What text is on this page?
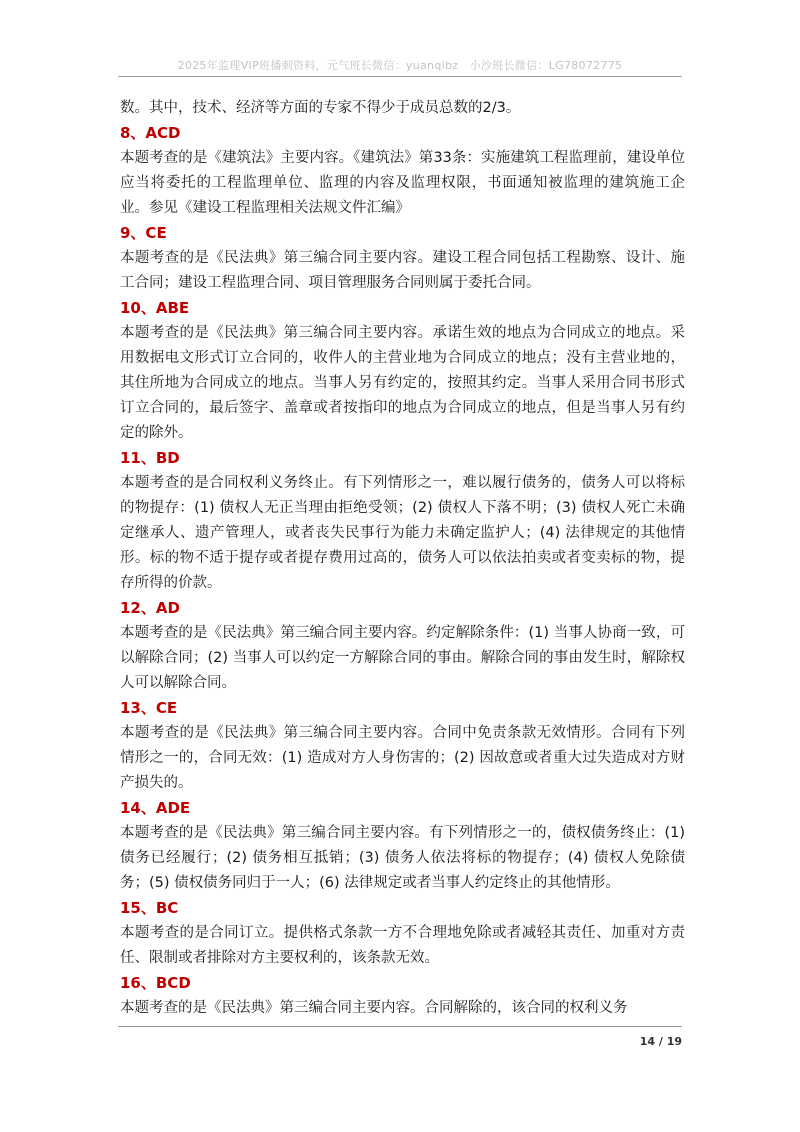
2025年监理VIP班播刺资料，元气班长微信：yuanqibz　小沙班长微信：LG78072775

数。其中，技术、经济等方面的专家不得少于成员总数的2/3。

8、ACD

本题考查的是《建筑法》主要内容。《建筑法》第33条：实施建筑工程监理前，建设单位应当将委托的工程监理单位、监理的内容及监理权限，书面通知被监理的建筑施工企业。参见《建设工程监理相关法规文件汇编》

9、CE

本题考查的是《民法典》第三编合同主要内容。建设工程合同包括工程勘察、设计、施工合同；建设工程监理合同、项目管理服务合同则属于委托合同。

10、ABE

本题考查的是《民法典》第三编合同主要内容。承诺生效的地点为合同成立的地点。采用数据电文形式订立合同的，收件人的主营业地为合同成立的地点；没有主营业地的，其住所地为合同成立的地点。当事人另有约定的，按照其约定。当事人采用合同书形式订立合同的，最后签字、盖章或者按指印的地点为合同成立的地点，但是当事人另有约定的除外。

11、BD

本题考查的是合同权利义务终止。有下列情形之一，难以履行债务的，债务人可以将标的物提存：(1) 债权人无正当理由拒绝受领；(2) 债权人下落不明；(3) 债权人死亡未确定继承人、遗产管理人，或者丧失民事行为能力未确定监护人；(4) 法律规定的其他情形。标的物不适于提存或者提存费用过高的，债务人可以依法拍卖或者变卖标的物，提存所得的价款。

12、AD

本题考查的是《民法典》第三编合同主要内容。约定解除条件：(1) 当事人协商一致，可以解除合同；(2) 当事人可以约定一方解除合同的事由。解除合同的事由发生时，解除权人可以解除合同。

13、CE

本题考查的是《民法典》第三编合同主要内容。合同中免责条款无效情形。合同有下列情形之一的，合同无效：(1) 造成对方人身伤害的；(2) 因故意或者重大过失造成对方财产损失的。

14、ADE

本题考查的是《民法典》第三编合同主要内容。有下列情形之一的，债权债务终止：(1) 债务已经履行；(2) 债务相互抵销；(3) 债务人依法将标的物提存；(4) 债权人免除债务；(5) 债权债务同归于一人；(6) 法律规定或者当事人约定终止的其他情形。

15、BC

本题考查的是合同订立。提供格式条款一方不合理地免除或者减轻其责任、加重对方责任、限制或者排除对方主要权利的，该条款无效。

16、BCD

本题考查的是《民法典》第三编合同主要内容。合同解除的，该合同的权利义务

14 / 19
